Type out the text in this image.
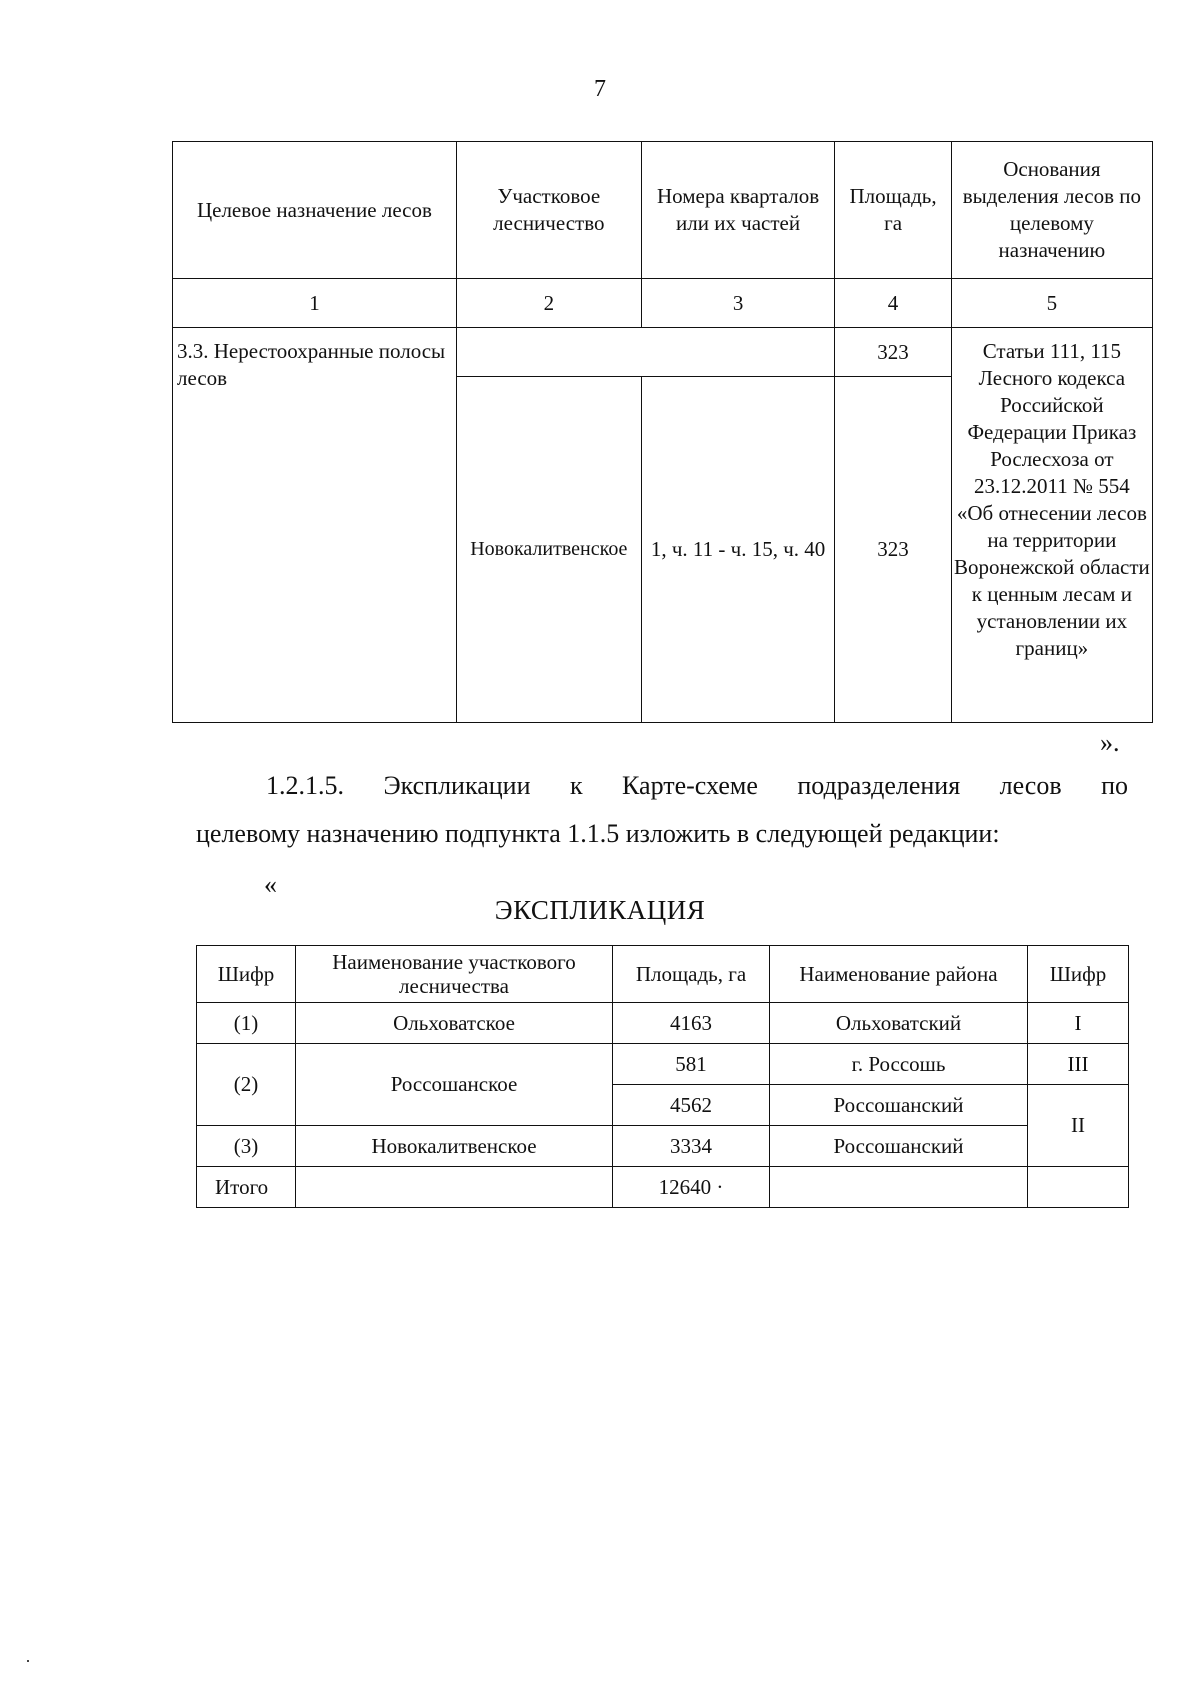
7
Целевое назначение лесов	Участковое лесничество	Номера кварталов или их частей	Площадь, га	Основания выделения лесов по целевому назначению
1	2	3	4	5
3.3. Нерестоохранные полосы лесов			323	Статьи 111, 115 Лесного кодекса Российской Федерации Приказ Рослесхоза от 23.12.2011 № 554 «Об отнесении лесов на территории Воронежской области к ценным лесам и установлении их границ»
	Новокалитвенское	1, ч. 11 - ч. 15, ч. 40	323	
».
1.2.1.5. Экспликации к Карте-схеме подразделения лесов по
целевому назначению подпункта 1.1.5 изложить в следующей редакции:
«
ЭКСПЛИКАЦИЯ
Шифр	Наименование участкового лесничества	Площадь, га	Наименование района	Шифр
(1)	Ольховатское	4163	Ольховатский	I
(2)	Россошанское	581	г. Россошь	III
		4562	Россошанский	II
(3)	Новокалитвенское	3334	Россошанский	
Итого		12640 ·		
